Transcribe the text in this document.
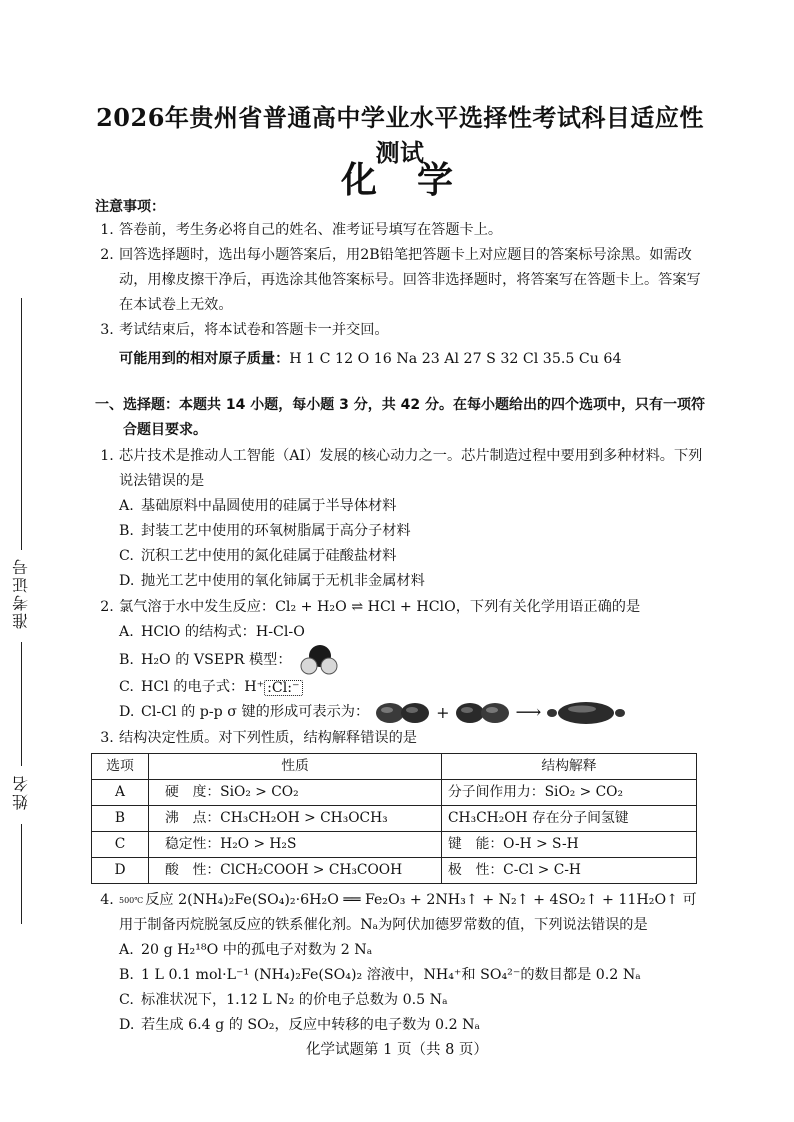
准考证号
姓名
2026年贵州省普通高中学业水平选择性考试科目适应性测试
化学
注意事项：
1. 答卷前，考生务必将自己的姓名、准考证号填写在答题卡上。
2. 回答选择题时，选出每小题答案后，用2B铅笔把答题卡上对应题目的答案标号涂黑。如需改动，用橡皮擦干净后，再选涂其他答案标号。回答非选择题时，将答案写在答题卡上。答案写在本试卷上无效。
3. 考试结束后，将本试卷和答题卡一并交回。
可能用到的相对原子质量：H 1 C 12 O 16 Na 23 Al 27 S 32 Cl 35.5 Cu 64
一、 选择题：本题共 14 小题，每小题 3 分，共 42 分。在每小题给出的四个选项中，只有一项符合题目要求。
1. 芯片技术是推动人工智能（AI）发展的核心动力之一。芯片制造过程中要用到多种材料。下列说法错误的是
A. 基础原料中晶圆使用的硅属于半导体材料
B. 封装工艺中使用的环氧树脂属于高分子材料
C. 沉积工艺中使用的氮化硅属于硅酸盐材料
D. 抛光工艺中使用的氧化铈属于无机非金属材料
2. 氯气溶于水中发生反应：Cl₂ + H₂O ⇌ HCl + HClO，下列有关化学用语正确的是
A. HClO 的结构式：H-Cl-O
B. H₂O 的 VSEPR 模型：
C. HCl 的电子式：H⁺ :Cl:⁻
D. Cl-Cl 的 p-p σ 键的形成可表示为：	+	⟶
3. 结构决定性质。对下列性质，结构解释错误的是
选项	性质	结构解释
A	硬　度：SiO₂ > CO₂	分子间作用力：SiO₂ > CO₂
B	沸　点：CH₃CH₂OH > CH₃OCH₃	CH₃CH₂OH 存在分子间氢键
C	稳定性：H₂O > H₂S	键　能：O-H > S-H
D	酸　性：ClCH₂COOH > CH₃COOH	极　性：C-Cl > C-H
4. $^{500℃}$ 反应 2(NH₄)₂Fe(SO₄)₂·6H₂O ══ Fe₂O₃ + 2NH₃↑ + N₂↑ + 4SO₂↑ + 11H₂O↑ 可用于制备丙烷脱氢反应的铁系催化剂。Nₐ为阿伏加德罗常数的值，下列说法错误的是
A. 20 g H₂¹⁸O 中的孤电子对数为 2 Nₐ
B. 1 L 0.1 mol·L⁻¹ (NH₄)₂Fe(SO₄)₂ 溶液中，NH₄⁺和 SO₄²⁻的数目都是 0.2 Nₐ
C. 标准状况下，1.12 L N₂ 的价电子总数为 0.5 Nₐ
D. 若生成 6.4 g 的 SO₂，反应中转移的电子数为 0.2 Nₐ
化学试题第 1 页（共 8 页）
